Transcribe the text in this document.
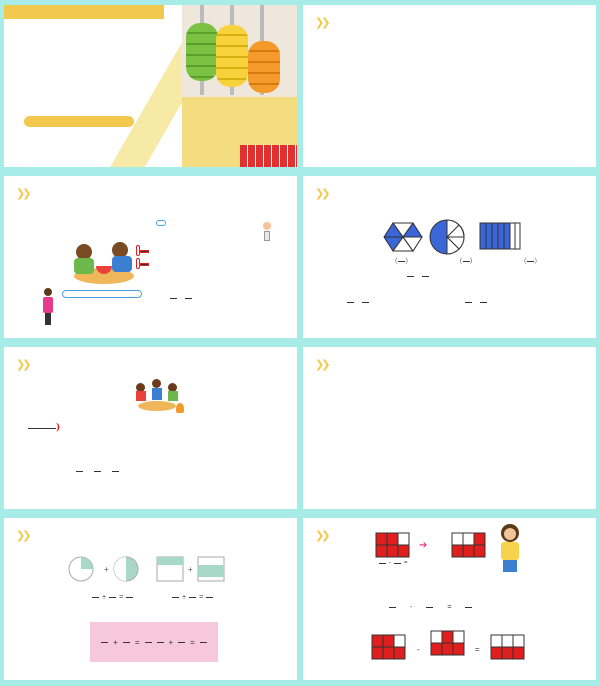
❯❯
❯❯	❯❯
（ ）	（ ）	（ ）
❯❯
)
❯❯
❯❯
+	+
+ =	+ =
+ =	+ =
❯❯
➔
- =
-	=
-	=
